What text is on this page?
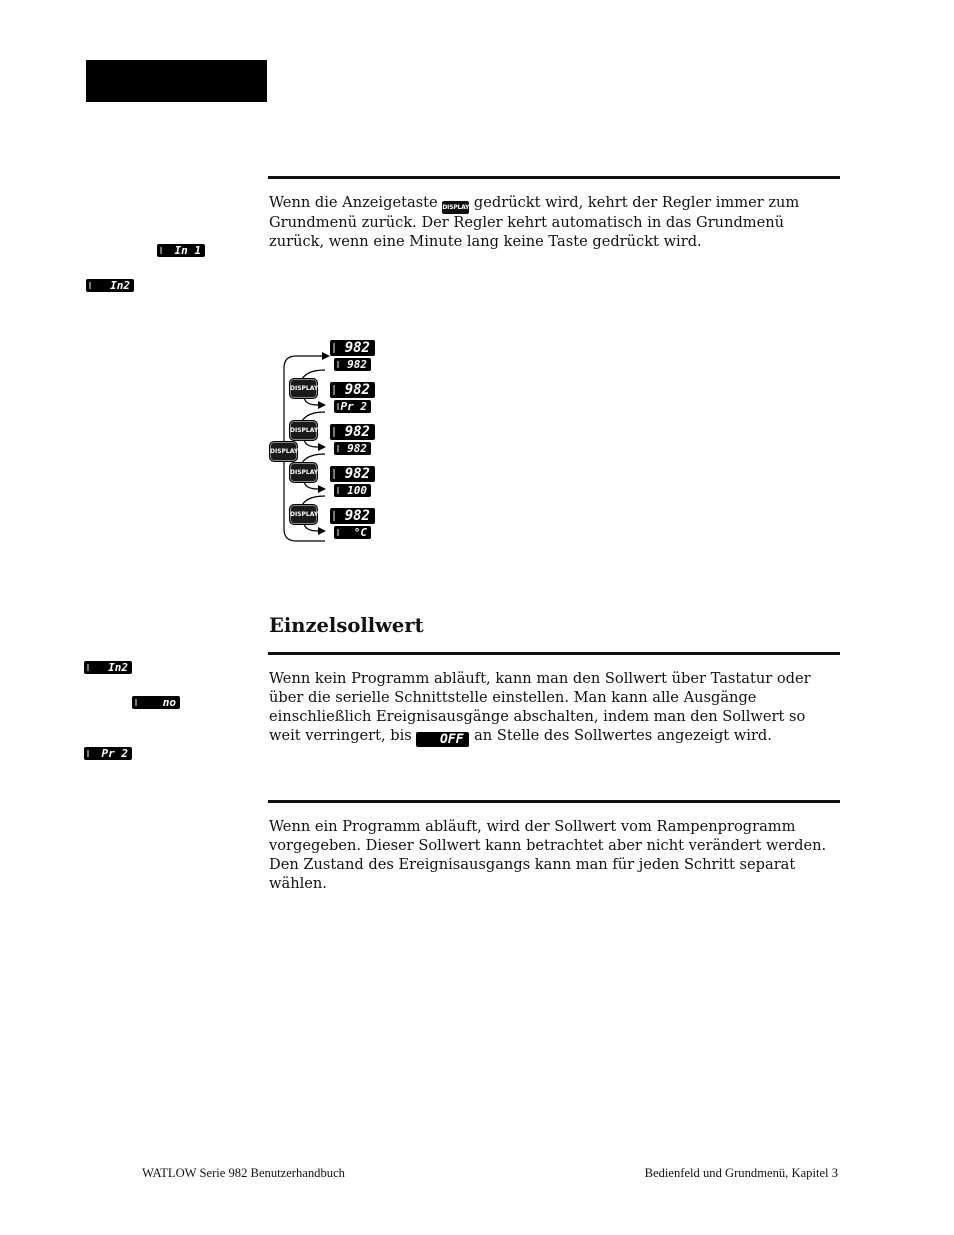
Wenn die Anzeigetaste DISPLAY gedrückt wird, kehrt der Regler immer zum Grundmenü zurück. Der Regler kehrt automatisch in das Grundmenü zurück, wenn eine Minute lang keine Taste gedrückt wird.

In 1
In2
DISPLAY
DISPLAY
DISPLAY
DISPLAY
DISPLAY
982
982
982
Pr 2
982
982
982
100
982
°C
Einzelsollwert
In2
no
Pr 2

Wenn kein Programm abläuft, kann man den Sollwert über Tastatur oder über die serielle Schnittstelle einstellen. Man kann alle Ausgänge einschließlich Ereignisausgänge abschalten, indem man den Sollwert so weit verringert, bis OFF an Stelle des Sollwertes angezeigt wird.

Wenn ein Programm abläuft, wird der Sollwert vom Rampenprogramm vorgegeben. Dieser Sollwert kann betrachtet aber nicht verändert werden. Den Zustand des Ereignisausgangs kann man für jeden Schritt separat wählen.

WATLOW Serie 982 Benutzerhandbuch	Bedienfeld und Grundmenü, Kapitel 3
